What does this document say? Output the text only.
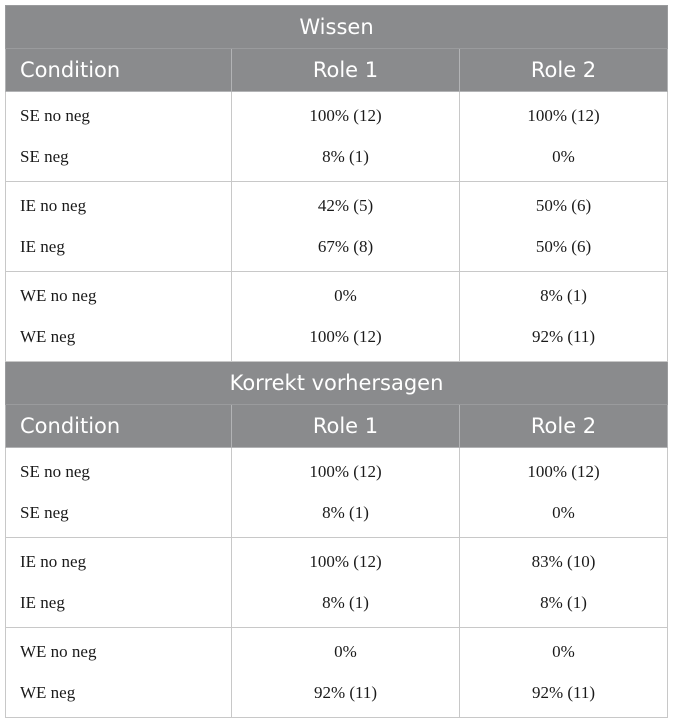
Wissen		
Condition	Role 1	Role 2
SE no neg	100% (12)	100% (12)
SE neg	8% (1)	0%
IE no neg	42% (5)	50% (6)
IE neg	67% (8)	50% (6)
WE no neg	0%	8% (1)
WE neg	100% (12)	92% (11)
Korrekt vorhersagen		
Condition	Role 1	Role 2
SE no neg	100% (12)	100% (12)
SE neg	8% (1)	0%
IE no neg	100% (12)	83% (10)
IE neg	8% (1)	8% (1)
WE no neg	0%	0%
WE neg	92% (11)	92% (11)
